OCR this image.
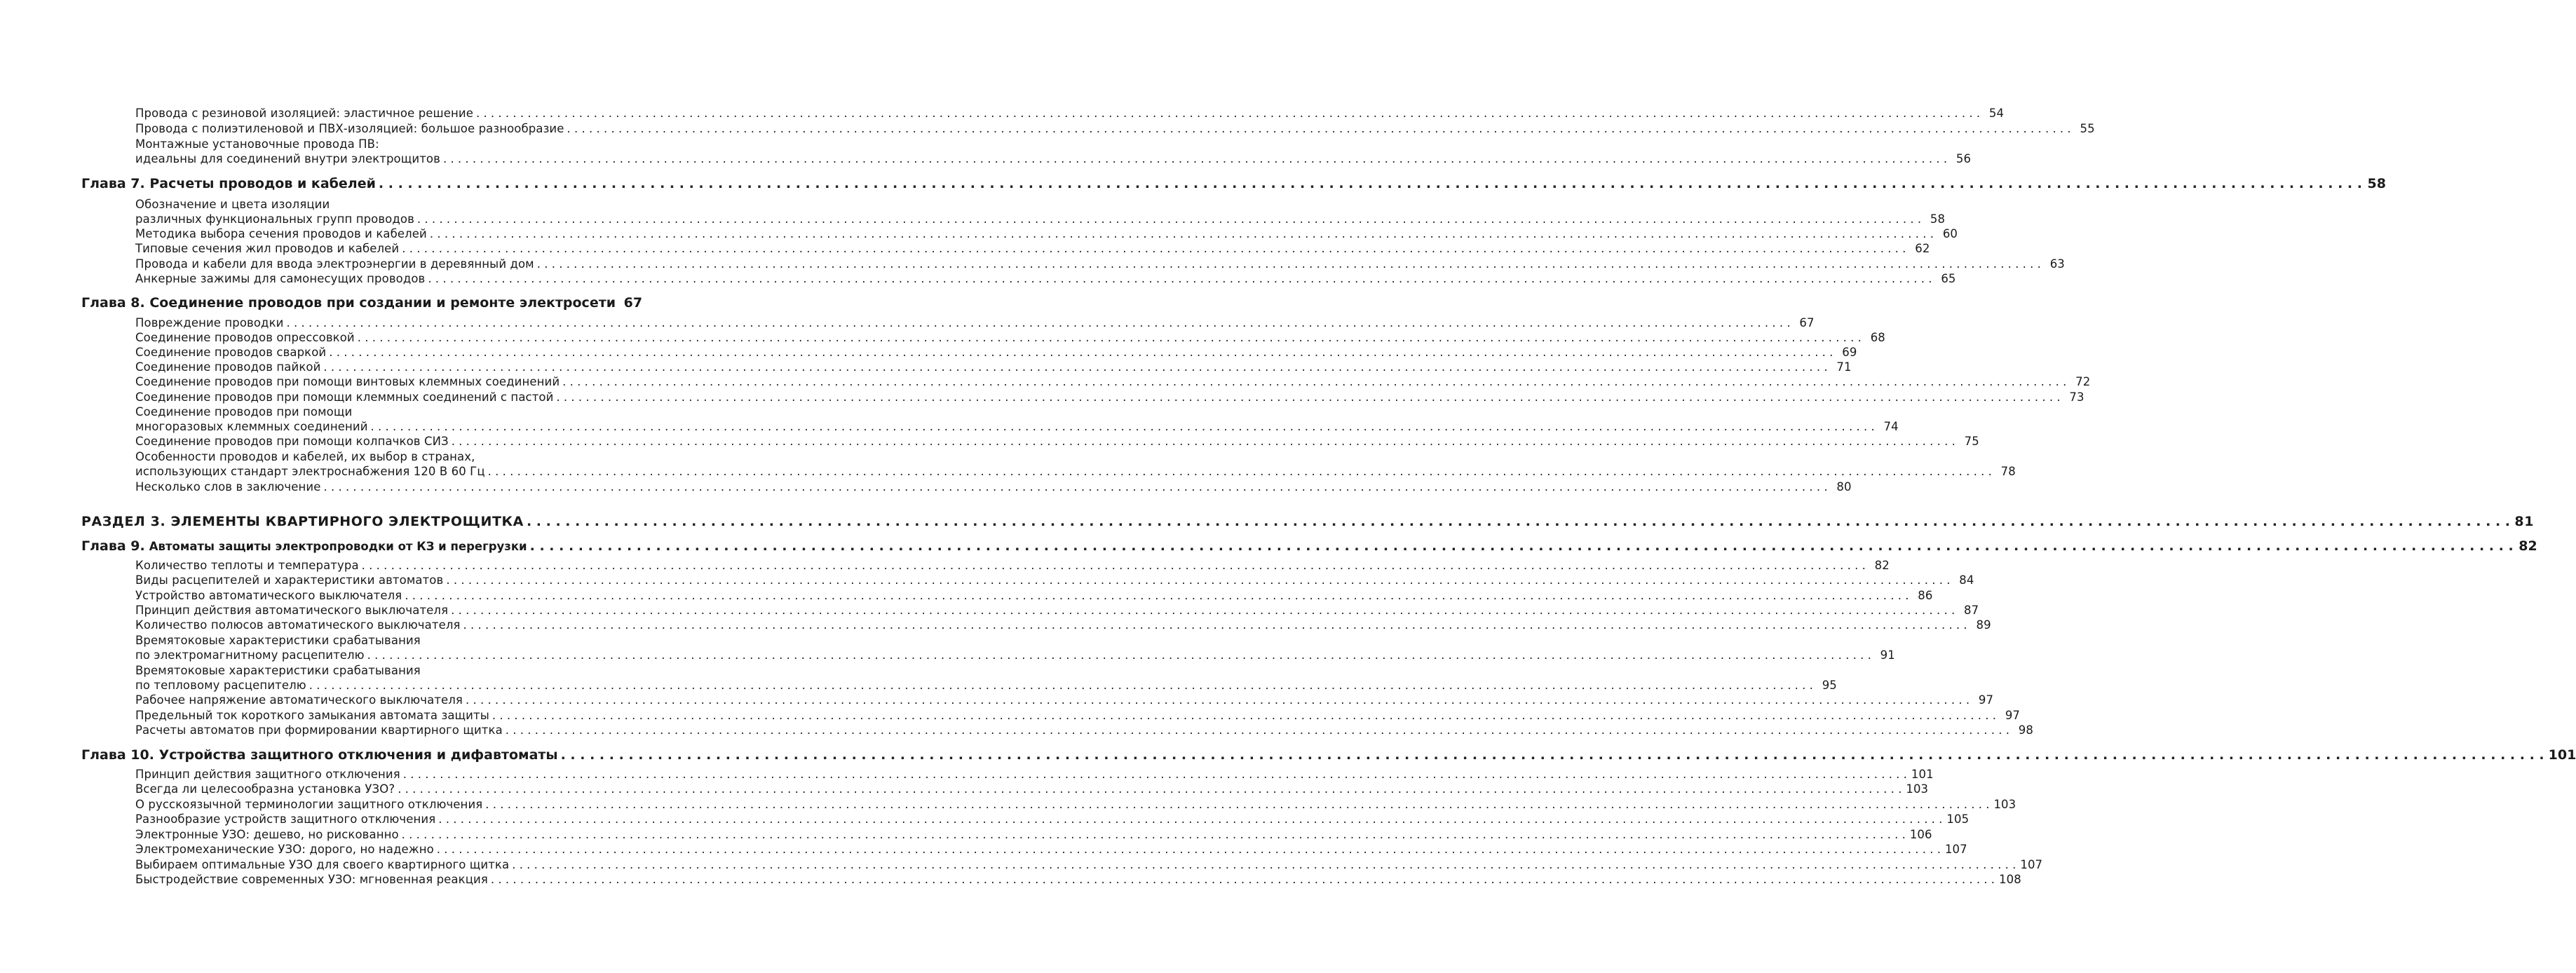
Провода с резиновой изоляцией: эластичное решение . . .	54
Провода с полиэтиленовой и ПВХ-изоляцией: большое разнообразие . . .	55
Монтажные установочные провода ПВ:
идеальны для соединений внутри электрощитов . . .	56
Глава 7. Расчеты проводов и кабелей . . .	58
Обозначение и цвета изоляции
различных функциональных групп проводов . . .	58
Методика выбора сечения проводов и кабелей . . .	60
Типовые сечения жил проводов и кабелей . . .	62
Провода и кабели для ввода электроэнергии в деревянный дом . . .	63
Анкерные зажимы для самонесущих проводов . . .	65
Глава 8. Соединение проводов при создании и ремонте электросети 67
Повреждение проводки . . .	67
Соединение проводов опрессовкой . . .	68
Соединение проводов сваркой . . .	69
Соединение проводов пайкой . . .	71
Соединение проводов при помощи винтовых клеммных соединений . . .	72
Соединение проводов при помощи клеммных соединений с пастой . . .	73
Соединение проводов при помощи
многоразовых клеммных соединений . . .	74
Соединение проводов при помощи колпачков СИЗ . . .	75
Особенности проводов и кабелей, их выбор в странах,
использующих стандарт электроснабжения 120 В 60 Гц . . .	78
Несколько слов в заключение . . .	80
РАЗДЕЛ 3. ЭЛЕМЕНТЫ КВАРТИРНОГО ЭЛЕКТРОЩИТКА . . .	81
Глава 9. Автоматы защиты электропроводки от КЗ и перегрузки . . .	82
Количество теплоты и температура . . .	82
Виды расцепителей и характеристики автоматов . . .	84
Устройство автоматического выключателя . . .	86
Принцип действия автоматического выключателя . . .	87
Количество полюсов автоматического выключателя . . .	89
Времятоковые характеристики срабатывания
по электромагнитному расцепителю . . .	91
Времятоковые характеристики срабатывания
по тепловому расцепителю . . .	95
Рабочее напряжение автоматического выключателя . . .	97
Предельный ток короткого замыкания автомата защиты . . .	97
Расчеты автоматов при формировании квартирного щитка . . .	98
Глава 10. Устройства защитного отключения и дифавтоматы . . .	101
Принцип действия защитного отключения . . .	101
Всегда ли целесообразна установка УЗО? . . .	103
О русскоязычной терминологии защитного отключения . . .	103
Разнообразие устройств защитного отключения . . .	105
Электронные УЗО: дешево, но рискованно . . .	106
Электромеханические УЗО: дорого, но надежно . . .	107
Выбираем оптимальные УЗО для своего квартирного щитка . . .	107
Быстродействие современных УЗО: мгновенная реакция . . .	108
